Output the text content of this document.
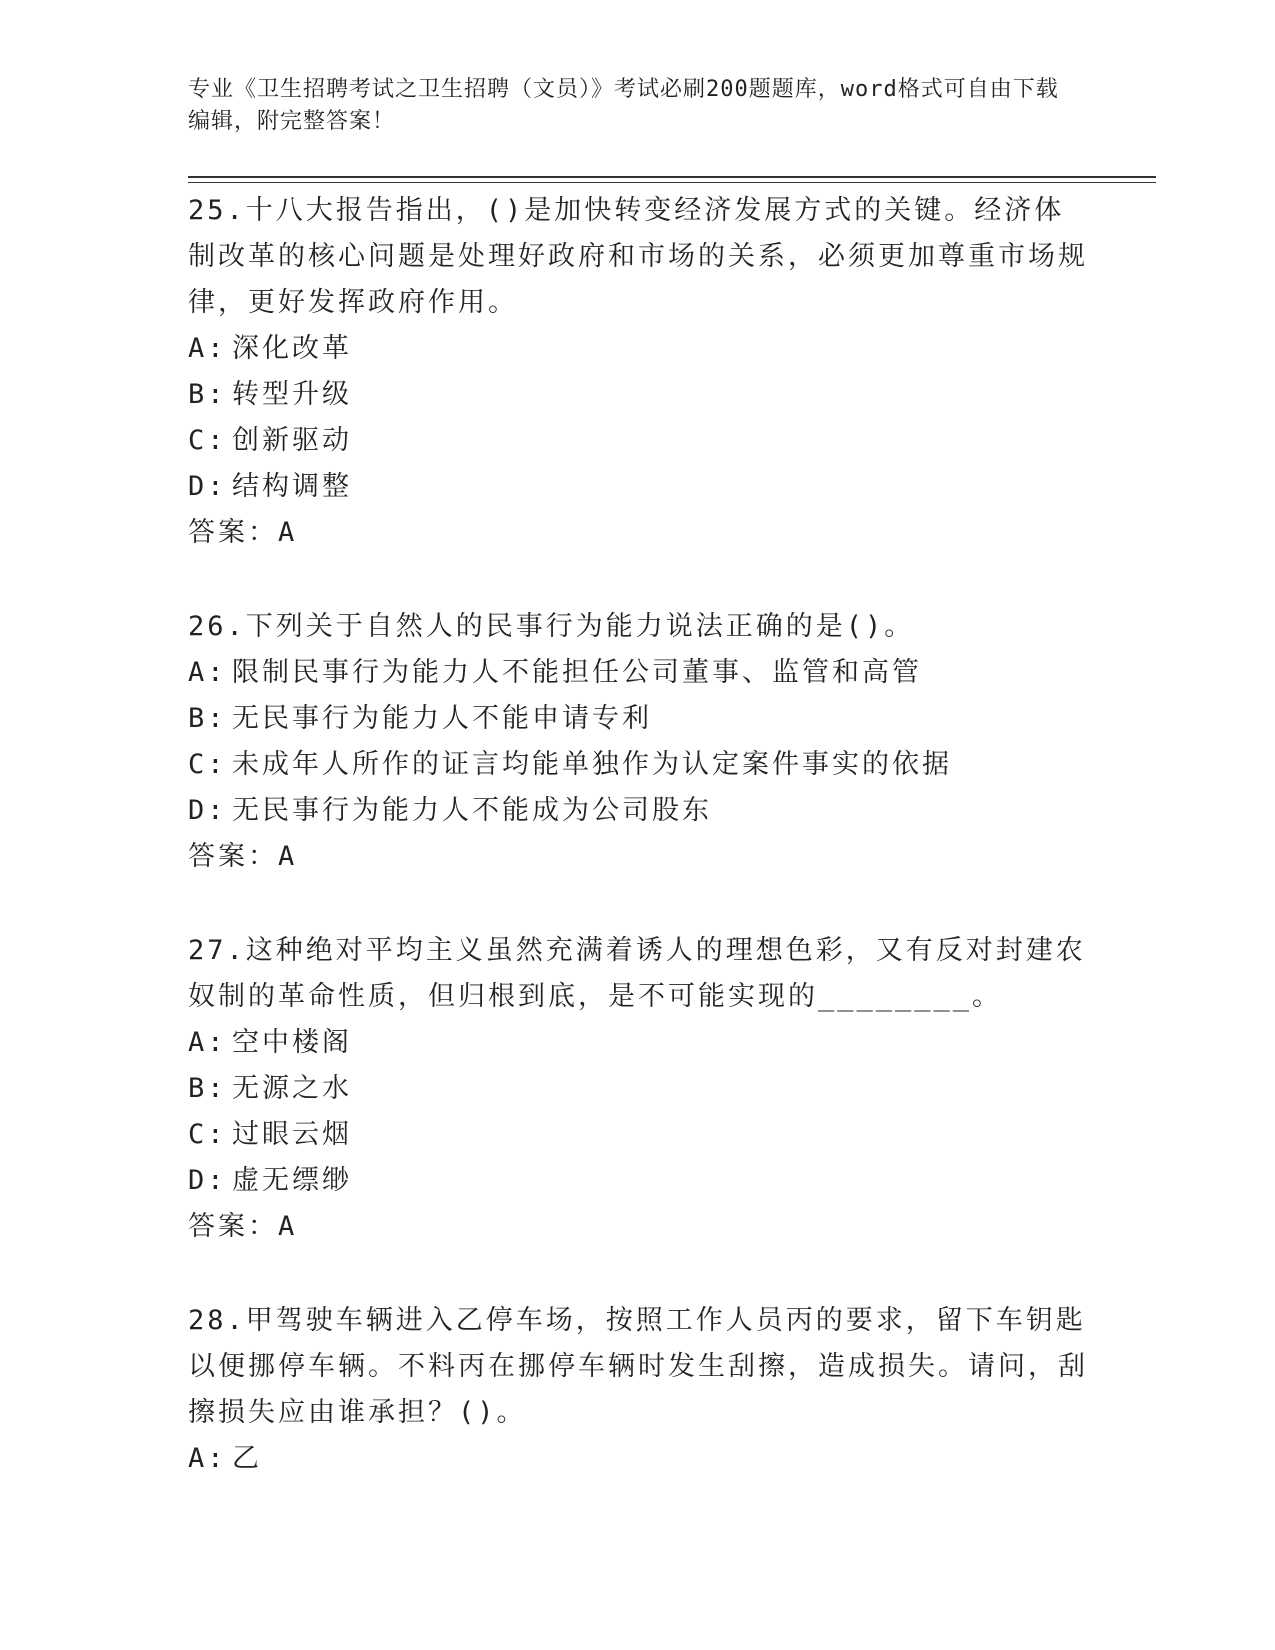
专业《卫生招聘考试之卫生招聘（文员）》考试必刷200题题库，word格式可自由下载编辑，附完整答案！

25.十八大报告指出，()是加快转变经济发展方式的关键。经济体制改革的核心问题是处理好政府和市场的关系，必须更加尊重市场规律，更好发挥政府作用。

A: 深化改革
B: 转型升级
C: 创新驱动
D: 结构调整

答案：A

26.下列关于自然人的民事行为能力说法正确的是()。

A: 限制民事行为能力人不能担任公司董事、监管和高管
B: 无民事行为能力人不能申请专利
C: 未成年人所作的证言均能单独作为认定案件事实的依据
D: 无民事行为能力人不能成为公司股东

答案：A

27.这种绝对平均主义虽然充满着诱人的理想色彩，又有反对封建农奴制的革命性质，但归根到底，是不可能实现的________。

A: 空中楼阁
B: 无源之水
C: 过眼云烟
D: 虚无缥缈

答案：A

28.甲驾驶车辆进入乙停车场，按照工作人员丙的要求，留下车钥匙以便挪停车辆。不料丙在挪停车辆时发生刮擦，造成损失。请问，刮擦损失应由谁承担？()。

A: 乙
